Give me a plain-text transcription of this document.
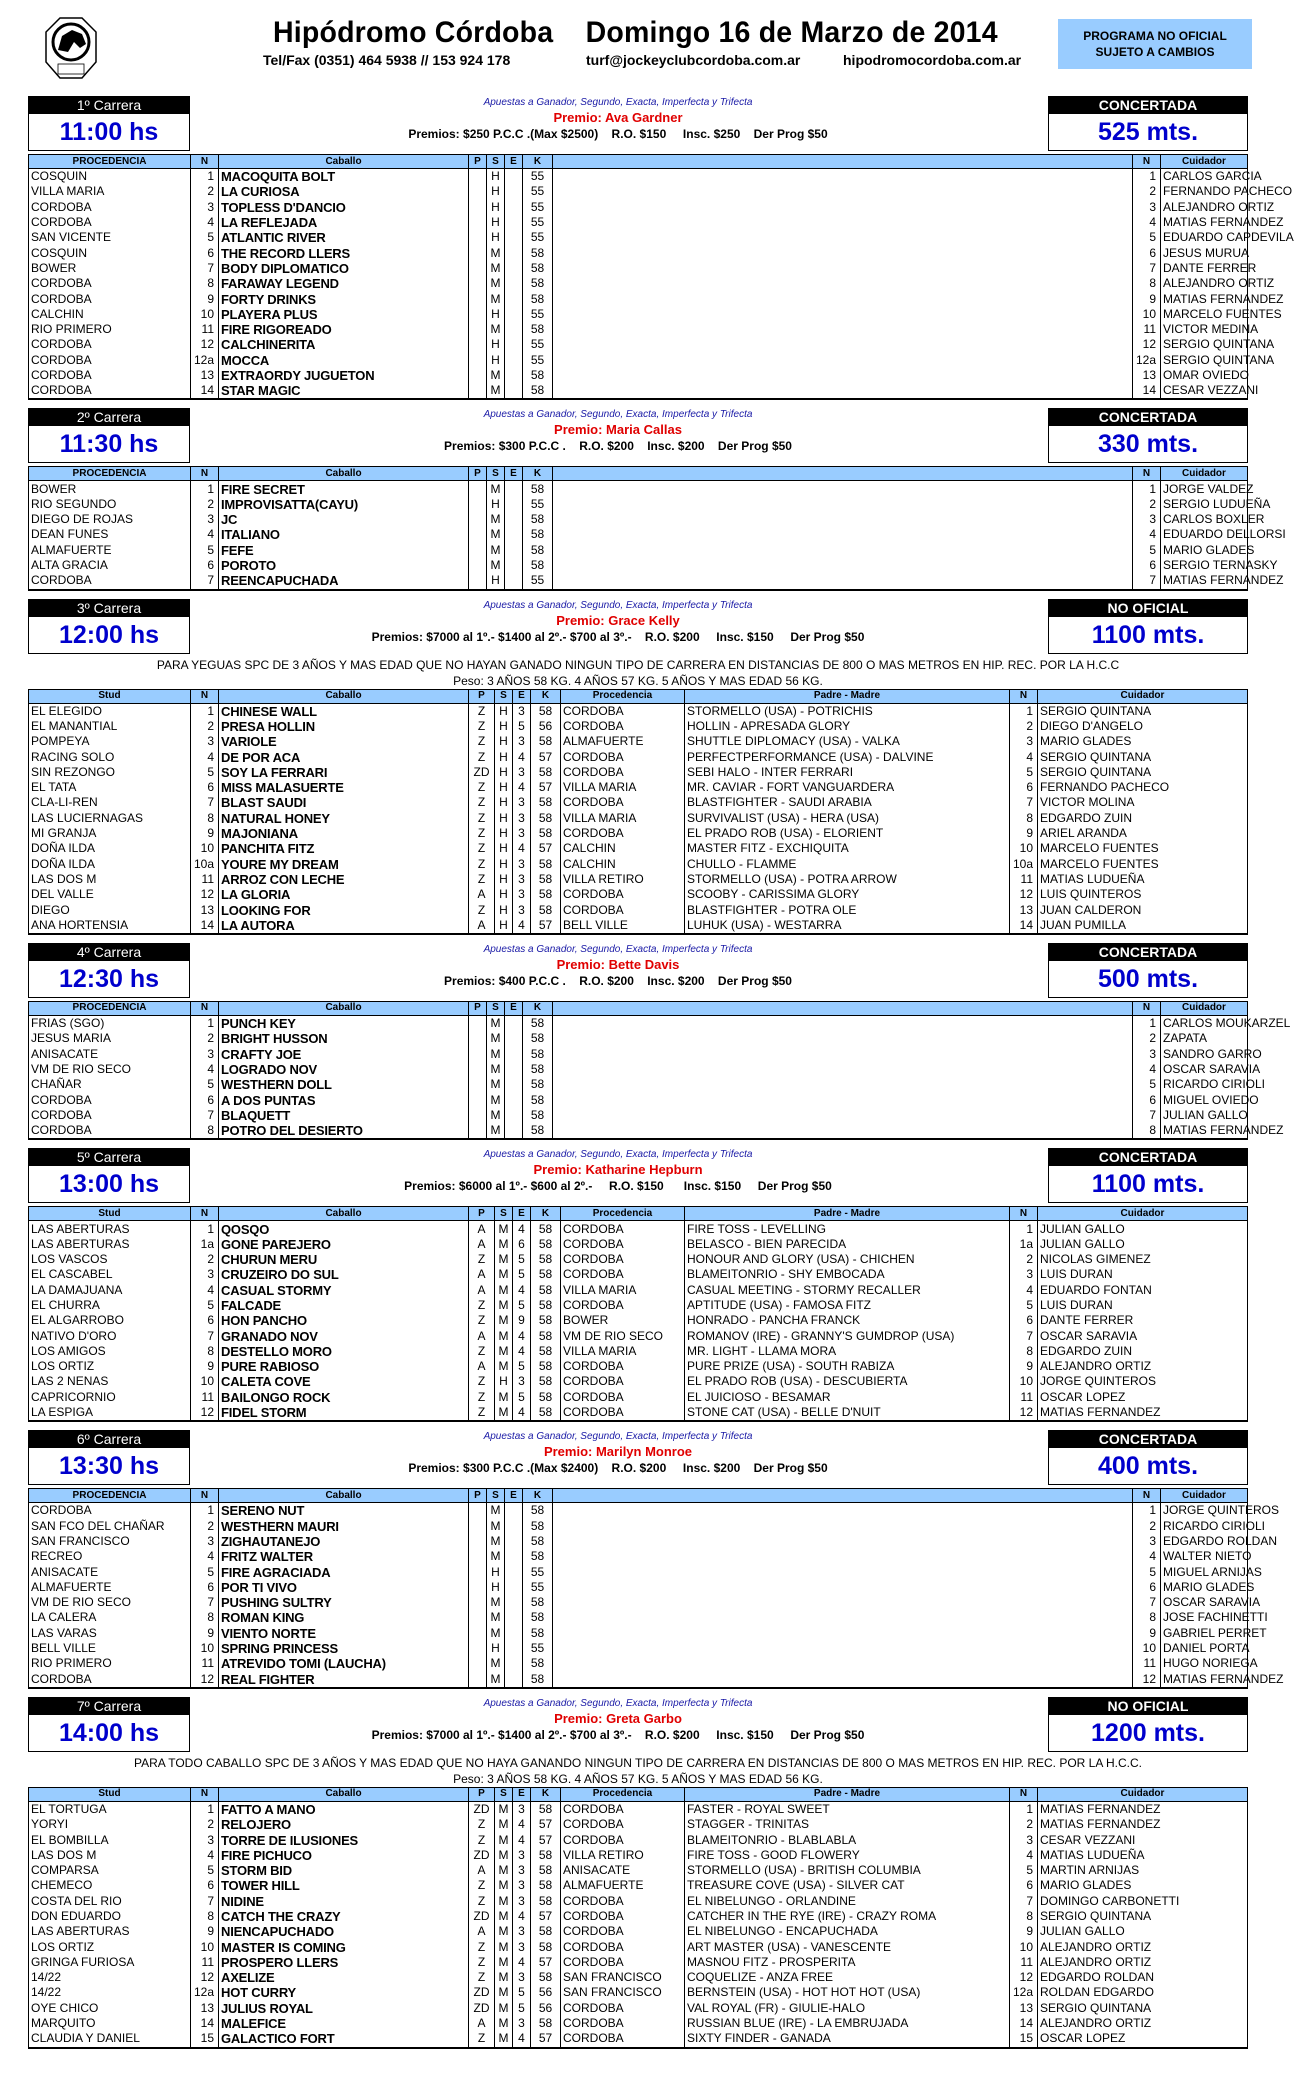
Hipódromo Córdoba Domingo 16 de Marzo de 2014
Tel/Fax (0351) 464 5938 // 153 924 178	turf@jockeyclubcordoba.com.ar	hipodromocordoba.com.ar
PROGRAMA NO OFICIAL
SUJETO A CAMBIOS
1º Carrera
11:00 hs
Apuestas a Ganador, Segundo, Exacta, Imperfecta y Trifecta
Premio: Ava Gardner
Premios: $250 P.C.C .(Max $2500)    R.O. $150     Insc. $250    Der Prog $50
CONCERTADA
525 mts.
PROCEDENCIA	N	Caballo	P	S	E	K		N	Cuidador
COSQUIN	1	MACOQUITA BOLT		H		55		1	CARLOS GARCIA
VILLA MARIA	2	LA CURIOSA		H		55		2	FERNANDO PACHECO
CORDOBA	3	TOPLESS D'DANCIO		H		55		3	ALEJANDRO ORTIZ
CORDOBA	4	LA REFLEJADA		H		55		4	MATIAS FERNANDEZ
SAN VICENTE	5	ATLANTIC RIVER		H		55		5	EDUARDO CAPDEVILA
COSQUIN	6	THE RECORD LLERS		M		58		6	JESUS MURUA
BOWER	7	BODY DIPLOMATICO		M		58		7	DANTE FERRER
CORDOBA	8	FARAWAY LEGEND		M		58		8	ALEJANDRO ORTIZ
CORDOBA	9	FORTY DRINKS		M		58		9	MATIAS FERNANDEZ
CALCHIN	10	PLAYERA PLUS		H		55		10	MARCELO FUENTES
RIO PRIMERO	11	FIRE RIGOREADO		M		58		11	VICTOR MEDINA
CORDOBA	12	CALCHINERITA		H		55		12	SERGIO QUINTANA
CORDOBA	12a	MOCCA		H		55		12a	SERGIO QUINTANA
CORDOBA	13	EXTRAORDY JUGUETON		M		58		13	OMAR OVIEDO
CORDOBA	14	STAR MAGIC		M		58		14	CESAR VEZZANI
2º Carrera
11:30 hs
Apuestas a Ganador, Segundo, Exacta, Imperfecta y Trifecta
Premio: Maria Callas
Premios: $300 P.C.C .    R.O. $200    Insc. $200    Der Prog $50
CONCERTADA
330 mts.
PROCEDENCIA	N	Caballo	P	S	E	K		N	Cuidador
BOWER	1	FIRE SECRET		M		58		1	JORGE VALDEZ
RIO SEGUNDO	2	IMPROVISATTA(CAYU)		H		55		2	SERGIO LUDUEÑA
DIEGO DE ROJAS	3	JC		M		58		3	CARLOS BOXLER
DEAN FUNES	4	ITALIANO		M		58		4	EDUARDO DELLORSI
ALMAFUERTE	5	FEFE		M		58		5	MARIO GLADES
ALTA GRACIA	6	POROTO		M		58		6	SERGIO TERNASKY
CORDOBA	7	REENCAPUCHADA		H		55		7	MATIAS FERNANDEZ
3º Carrera
12:00 hs
Apuestas a Ganador, Segundo, Exacta, Imperfecta y Trifecta
Premio: Grace Kelly
Premios: $7000 al 1º.- $1400 al 2º.- $700 al 3º.-    R.O. $200     Insc. $150     Der Prog $50
NO OFICIAL
1100 mts.
PARA YEGUAS SPC DE 3 AÑOS Y MAS EDAD QUE NO HAYAN GANADO NINGUN TIPO DE CARRERA EN DISTANCIAS DE 800 O MAS METROS EN HIP. REC. POR LA H.C.C
Peso: 3 AÑOS 58 KG. 4 AÑOS 57 KG. 5 AÑOS Y MAS EDAD 56 KG.
Stud	N	Caballo	P	S	E	K	Procedencia	Padre - Madre	N	Cuidador
EL ELEGIDO	1	CHINESE WALL	Z	H	3	58	CORDOBA	STORMELLO (USA) - POTRICHIS	1	SERGIO QUINTANA
EL MANANTIAL	2	PRESA HOLLIN	Z	H	5	56	CORDOBA	HOLLIN - APRESADA GLORY	2	DIEGO D'ANGELO
POMPEYA	3	VARIOLE	Z	H	3	58	ALMAFUERTE	SHUTTLE DIPLOMACY (USA) - VALKA	3	MARIO GLADES
RACING SOLO	4	DE POR ACA	Z	H	4	57	CORDOBA	PERFECTPERFORMANCE (USA) - DALVINE	4	SERGIO QUINTANA
SIN REZONGO	5	SOY LA FERRARI	ZD	H	3	58	CORDOBA	SEBI HALO - INTER FERRARI	5	SERGIO QUINTANA
EL TATA	6	MISS MALASUERTE	Z	H	4	57	VILLA MARIA	MR. CAVIAR - FORT VANGUARDERA	6	FERNANDO PACHECO
CLA-LI-REN	7	BLAST SAUDI	Z	H	3	58	CORDOBA	BLASTFIGHTER - SAUDI ARABIA	7	VICTOR MOLINA
LAS LUCIERNAGAS	8	NATURAL HONEY	Z	H	3	58	VILLA MARIA	SURVIVALIST (USA) - HERA (USA)	8	EDGARDO ZUIN
MI GRANJA	9	MAJONIANA	Z	H	3	58	CORDOBA	EL PRADO ROB (USA) - ELORIENT	9	ARIEL ARANDA
DOÑA ILDA	10	PANCHITA FITZ	Z	H	4	57	CALCHIN	MASTER FITZ - EXCHIQUITA	10	MARCELO FUENTES
DOÑA ILDA	10a	YOURE MY DREAM	Z	H	3	58	CALCHIN	CHULLO - FLAMME	10a	MARCELO FUENTES
LAS DOS M	11	ARROZ CON LECHE	Z	H	3	58	VILLA RETIRO	STORMELLO (USA) - POTRA ARROW	11	MATIAS LUDUEÑA
DEL VALLE	12	LA GLORIA	A	H	3	58	CORDOBA	SCOOBY - CARISSIMA GLORY	12	LUIS QUINTEROS
DIEGO	13	LOOKING FOR	Z	H	3	58	CORDOBA	BLASTFIGHTER - POTRA OLE	13	JUAN CALDERON
ANA HORTENSIA	14	LA AUTORA	A	H	4	57	BELL VILLE	LUHUK (USA) - WESTARRA	14	JUAN PUMILLA
4º Carrera
12:30 hs
Apuestas a Ganador, Segundo, Exacta, Imperfecta y Trifecta
Premio: Bette Davis
Premios: $400 P.C.C .    R.O. $200    Insc. $200    Der Prog $50
CONCERTADA
500 mts.
PROCEDENCIA	N	Caballo	P	S	E	K		N	Cuidador
FRIAS (SGO)	1	PUNCH KEY		M		58		1	CARLOS MOUKARZEL
JESUS MARIA	2	BRIGHT HUSSON		M		58		2	ZAPATA
ANISACATE	3	CRAFTY JOE		M		58		3	SANDRO GARRO
VM DE RIO SECO	4	LOGRADO NOV		M		58		4	OSCAR SARAVIA
CHAÑAR	5	WESTHERN DOLL		M		58		5	RICARDO CIRIOLI
CORDOBA	6	A DOS PUNTAS		M		58		6	MIGUEL OVIEDO
CORDOBA	7	BLAQUETT		M		58		7	JULIAN GALLO
CORDOBA	8	POTRO DEL DESIERTO		M		58		8	MATIAS FERNANDEZ
5º Carrera
13:00 hs
Apuestas a Ganador, Segundo, Exacta, Imperfecta y Trifecta
Premio: Katharine Hepburn
Premios: $6000 al 1º.- $600 al 2º.-     R.O. $150      Insc. $150     Der Prog $50
CONCERTADA
1100 mts.
Stud	N	Caballo	P	S	E	K	Procedencia	Padre - Madre	N	Cuidador
LAS ABERTURAS	1	QOSQO	A	M	4	58	CORDOBA	FIRE TOSS - LEVELLING	1	JULIAN GALLO
LAS ABERTURAS	1a	GONE PAREJERO	A	M	6	58	CORDOBA	BELASCO - BIEN PARECIDA	1a	JULIAN GALLO
LOS VASCOS	2	CHURUN MERU	Z	M	5	58	CORDOBA	HONOUR AND GLORY (USA) - CHICHEN	2	NICOLAS GIMENEZ
EL CASCABEL	3	CRUZEIRO DO SUL	A	M	5	58	CORDOBA	BLAMEITONRIO - SHY EMBOCADA	3	LUIS DURAN
LA DAMAJUANA	4	CASUAL STORMY	A	M	4	58	VILLA MARIA	CASUAL MEETING - STORMY RECALLER	4	EDUARDO FONTAN
EL CHURRA	5	FALCADE	Z	M	5	58	CORDOBA	APTITUDE (USA) - FAMOSA FITZ	5	LUIS DURAN
EL ALGARROBO	6	HON PANCHO	Z	M	9	58	BOWER	HONRADO - PANCHA FRANCK	6	DANTE FERRER
NATIVO D'ORO	7	GRANADO NOV	A	M	4	58	VM DE RIO SECO	ROMANOV (IRE) - GRANNY'S GUMDROP (USA)	7	OSCAR SARAVIA
LOS AMIGOS	8	DESTELLO MORO	Z	M	4	58	VILLA MARIA	MR. LIGHT - LLAMA MORA	8	EDGARDO ZUIN
LOS ORTIZ	9	PURE RABIOSO	A	M	5	58	CORDOBA	PURE PRIZE (USA) - SOUTH RABIZA	9	ALEJANDRO ORTIZ
LAS 2 NENAS	10	CALETA COVE	Z	H	3	58	CORDOBA	EL PRADO ROB (USA) - DESCUBIERTA	10	JORGE QUINTEROS
CAPRICORNIO	11	BAILONGO ROCK	Z	M	5	58	CORDOBA	EL JUICIOSO - BESAMAR	11	OSCAR LOPEZ
LA ESPIGA	12	FIDEL STORM	Z	M	4	58	CORDOBA	STONE CAT (USA) - BELLE D'NUIT	12	MATIAS FERNANDEZ
6º Carrera
13:30 hs
Apuestas a Ganador, Segundo, Exacta, Imperfecta y Trifecta
Premio: Marilyn Monroe
Premios: $300 P.C.C .(Max $2400)    R.O. $200     Insc. $200    Der Prog $50
CONCERTADA
400 mts.
PROCEDENCIA	N	Caballo	P	S	E	K		N	Cuidador
CORDOBA	1	SERENO NUT		M		58		1	JORGE QUINTEROS
SAN FCO DEL CHAÑAR	2	WESTHERN MAURI		M		58		2	RICARDO CIRIOLI
SAN FRANCISCO	3	ZIGHAUTANEJO		M		58		3	EDGARDO ROLDAN
RECREO	4	FRITZ WALTER		M		58		4	WALTER NIETO
ANISACATE	5	FIRE AGRACIADA		H		55		5	MIGUEL ARNIJAS
ALMAFUERTE	6	POR TI VIVO		H		55		6	MARIO GLADES
VM DE RIO SECO	7	PUSHING SULTRY		M		58		7	OSCAR SARAVIA
LA CALERA	8	ROMAN KING		M		58		8	JOSE FACHINETTI
LAS VARAS	9	VIENTO NORTE		M		58		9	GABRIEL PERRET
BELL VILLE	10	SPRING PRINCESS		H		55		10	DANIEL PORTA
RIO PRIMERO	11	ATREVIDO TOMI (LAUCHA)		M		58		11	HUGO NORIEGA
CORDOBA	12	REAL FIGHTER		M		58		12	MATIAS FERNANDEZ
7º Carrera
14:00 hs
Apuestas a Ganador, Segundo, Exacta, Imperfecta y Trifecta
Premio: Greta Garbo
Premios: $7000 al 1º.- $1400 al 2º.- $700 al 3º.-    R.O. $200     Insc. $150     Der Prog $50
NO OFICIAL
1200 mts.
PARA TODO CABALLO SPC DE 3 AÑOS Y MAS EDAD QUE NO HAYA GANANDO NINGUN TIPO DE CARRERA EN DISTANCIAS DE 800 O MAS METROS EN HIP. REC. POR LA H.C.C.
Peso: 3 AÑOS 58 KG. 4 AÑOS 57 KG. 5 AÑOS Y MAS EDAD 56 KG.
Stud	N	Caballo	P	S	E	K	Procedencia	Padre - Madre	N	Cuidador
EL TORTUGA	1	FATTO A MANO	ZD	M	3	58	CORDOBA	FASTER - ROYAL SWEET	1	MATIAS FERNANDEZ
YORYI	2	RELOJERO	Z	M	4	57	CORDOBA	STAGGER - TRINITAS	2	MATIAS FERNANDEZ
EL BOMBILLA	3	TORRE DE ILUSIONES	Z	M	4	57	CORDOBA	BLAMEITONRIO - BLABLABLA	3	CESAR VEZZANI
LAS DOS M	4	FIRE PICHUCO	ZD	M	3	58	VILLA RETIRO	FIRE TOSS - GOOD FLOWERY	4	MATIAS LUDUEÑA
COMPARSA	5	STORM BID	A	M	3	58	ANISACATE	STORMELLO (USA) - BRITISH COLUMBIA	5	MARTIN ARNIJAS
CHEMECO	6	TOWER HILL	Z	M	3	58	ALMAFUERTE	TREASURE COVE (USA) - SILVER CAT	6	MARIO GLADES
COSTA DEL RIO	7	NIDINE	Z	M	3	58	CORDOBA	EL NIBELUNGO - ORLANDINE	7	DOMINGO CARBONETTI
DON EDUARDO	8	CATCH THE CRAZY	ZD	M	4	57	CORDOBA	CATCHER IN THE RYE (IRE) - CRAZY ROMA	8	SERGIO QUINTANA
LAS ABERTURAS	9	NIENCAPUCHADO	A	M	3	58	CORDOBA	EL NIBELUNGO - ENCAPUCHADA	9	JULIAN GALLO
LOS ORTIZ	10	MASTER IS COMING	Z	M	3	58	CORDOBA	ART MASTER (USA) - VANESCENTE	10	ALEJANDRO ORTIZ
GRINGA FURIOSA	11	PROSPERO LLERS	Z	M	4	57	CORDOBA	MASNOU FITZ - PROSPERITA	11	ALEJANDRO ORTIZ
14/22	12	AXELIZE	Z	M	3	58	SAN FRANCISCO	COQUELIZE - ANZA FREE	12	EDGARDO ROLDAN
14/22	12a	HOT CURRY	ZD	M	5	56	SAN FRANCISCO	BERNSTEIN (USA) - HOT HOT HOT (USA)	12a	ROLDAN EDGARDO
OYE CHICO	13	JULIUS ROYAL	ZD	M	5	56	CORDOBA	VAL ROYAL (FR) - GIULIE-HALO	13	SERGIO QUINTANA
MARQUITO	14	MALEFICE	A	M	3	58	CORDOBA	RUSSIAN BLUE (IRE) - LA EMBRUJADA	14	ALEJANDRO ORTIZ
CLAUDIA Y DANIEL	15	GALACTICO FORT	Z	M	4	57	CORDOBA	SIXTY FINDER - GANADA	15	OSCAR LOPEZ
